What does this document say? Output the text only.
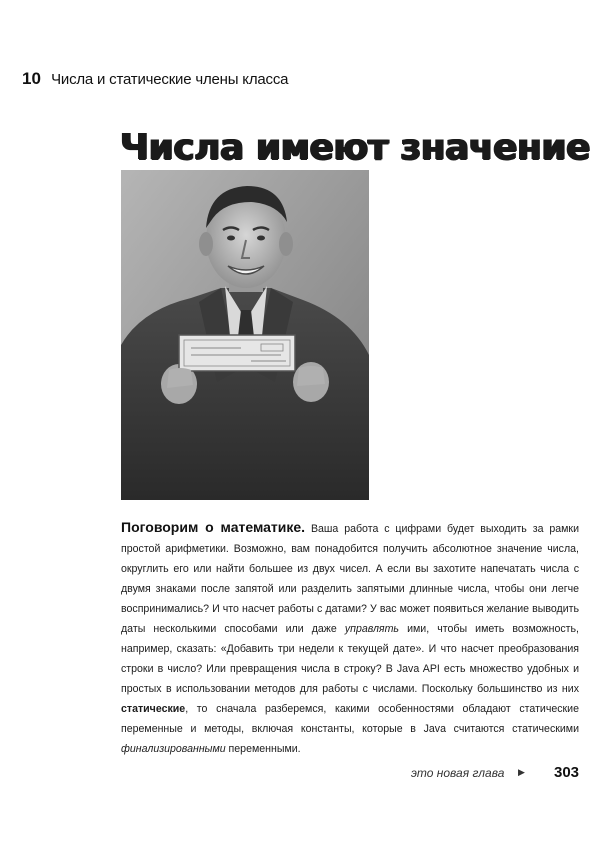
10 Числа и статические члены класса
Числа имеют значение

Поговорим о математике. Ваша работа с цифрами будет выходить за рамки простой арифметики. Возможно, вам понадобится получить абсолютное значение числа, округлить его или найти большее из двух чисел. А если вы захотите напечатать числа с двумя знаками после запятой или разделить запятыми длинные числа, чтобы они легче воспринимались? И что насчет работы с датами? У вас может появиться желание выводить даты несколькими способами или даже управлять ими, чтобы иметь возможность, например, сказать: «Добавить три недели к текущей дате». И что насчет преобразования строки в число? Или превращения числа в строку? В Java API есть множество удобных и простых в использовании методов для работы с числами. Поскольку большинство из них статические, то сначала разберемся, какими особенностями обладают статические переменные и методы, включая константы, которые в Java считаются статическими финализированными переменными.

это новая глава ▶ 303
